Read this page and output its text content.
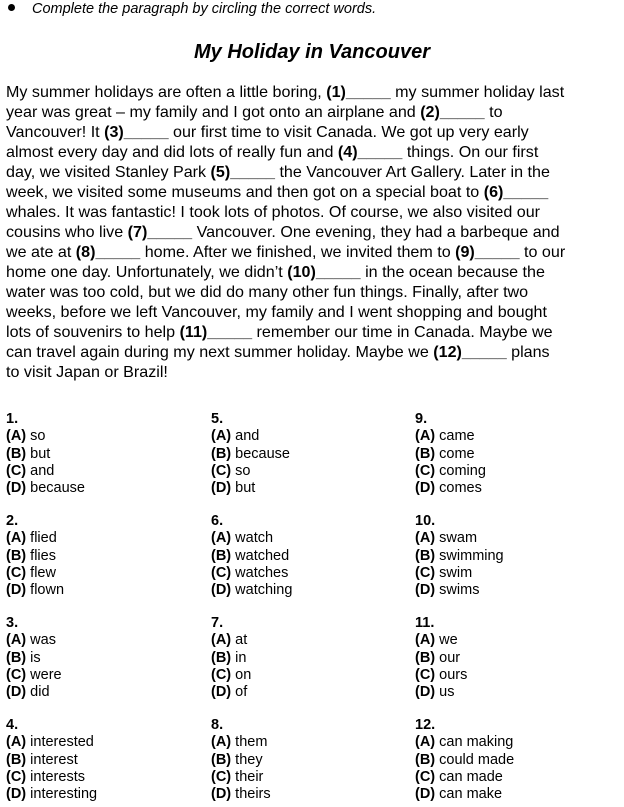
Complete the paragraph by circling the correct words.
My Holiday in Vancouver
My summer holidays are often a little boring, (1)_____ my summer holiday last
year was great – my family and I got onto an airplane and (2)_____ to
Vancouver! It (3)_____ our first time to visit Canada. We got up very early
almost every day and did lots of really fun and (4)_____ things. On our first
day, we visited Stanley Park (5)_____ the Vancouver Art Gallery. Later in the
week, we visited some museums and then got on a special boat to (6)_____
whales. It was fantastic! I took lots of photos. Of course, we also visited our
cousins who live (7)_____ Vancouver. One evening, they had a barbeque and
we ate at (8)_____ home. After we finished, we invited them to (9)_____ to our
home one day. Unfortunately, we didn’t (10)_____ in the ocean because the
water was too cold, but we did do many other fun things. Finally, after two
weeks, before we left Vancouver, my family and I went shopping and bought
lots of souvenirs to help (11)_____ remember our time in Canada. Maybe we
can travel again during my next summer holiday. Maybe we (12)_____ plans
to visit Japan or Brazil!
1.
(A) so
(B) but
(C) and
(D) because
2.
(A) flied
(B) flies
(C) flew
(D) flown
3.
(A) was
(B) is
(C) were
(D) did
4.
(A) interested
(B) interest
(C) interests
(D) interesting
5.
(A) and
(B) because
(C) so
(D) but
6.
(A) watch
(B) watched
(C) watches
(D) watching
7.
(A) at
(B) in
(C) on
(D) of
8.
(A) them
(B) they
(C) their
(D) theirs
9.
(A) came
(B) come
(C) coming
(D) comes
10.
(A) swam
(B) swimming
(C) swim
(D) swims
11.
(A) we
(B) our
(C) ours
(D) us
12.
(A) can making
(B) could made
(C) can made
(D) can make
